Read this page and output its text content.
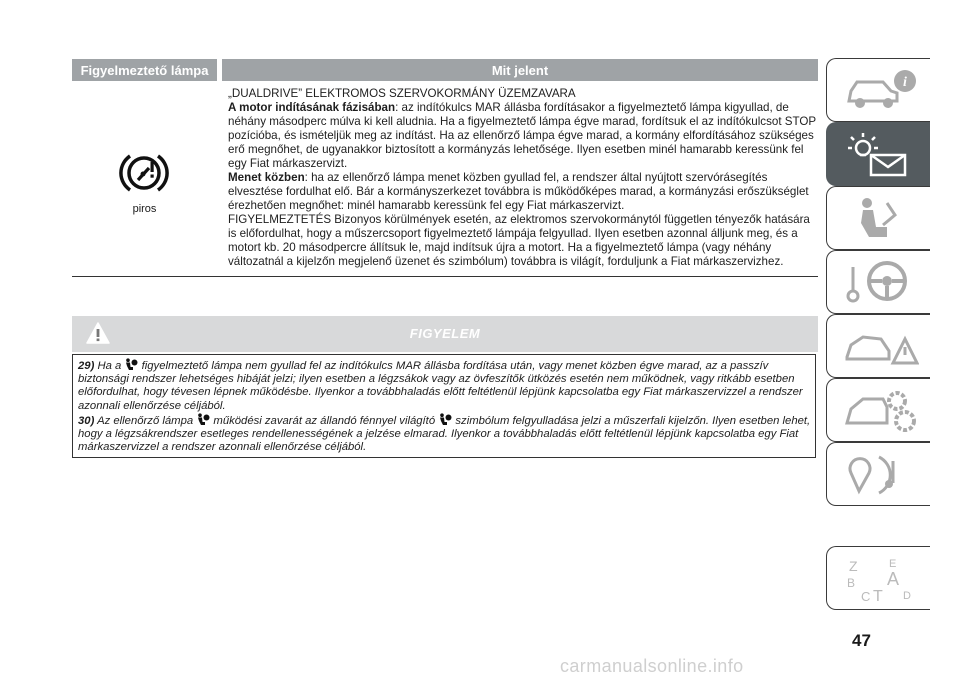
Figyelmeztető lámpa	Mit jelent
piros

„DUALDRIVE” ELEKTROMOS SZERVOKORMÁNY ÜZEMZAVARA

A motor indításának fázisában: az indítókulcs MAR állásba fordításakor a figyelmeztető lámpa kigyullad, de néhány másodperc múlva ki kell aludnia. Ha a figyelmeztető lámpa égve marad, fordítsuk el az indítókulcsot STOP pozícióba, és ismételjük meg az indítást. Ha az ellenőrző lámpa égve marad, a kormány elfordításához szükséges erő megnőhet, de ugyanakkor biztosított a kormányzás lehetősége. Ilyen esetben minél hamarabb keressünk fel egy Fiat márkaszervizt.

Menet közben: ha az ellenőrző lámpa menet közben gyullad fel, a rendszer által nyújtott szervórásegítés elvesztése fordulhat elő. Bár a kormányszerkezet továbbra is működőképes marad, a kormányzási erőszükséglet érezhetően megnőhet: minél hamarabb keressünk fel egy Fiat márkaszervizt.

FIGYELMEZTETÉS Bizonyos körülmények esetén, az elektromos szervokormánytól független tényezők hatására is előfordulhat, hogy a műszercsoport figyelmeztető lámpája felgyullad. Ilyen esetben azonnal álljunk meg, és a motort kb. 20 másodpercre állítsuk le, majd indítsuk újra a motort. Ha a figyelmeztető lámpa (vagy néhány változatnál a kijelzőn megjelenő üzenet és szimbólum) továbbra is világít, forduljunk a Fiat márkaszervizhez.

FIGYELEM

29) Ha a figyelmeztető lámpa nem gyullad fel az indítókulcs MAR állásba fordítása után, vagy menet közben égve marad, az a passzív biztonsági rendszer lehetséges hibáját jelzi; ilyen esetben a légzsákok vagy az övfeszítők ütközés esetén nem működnek, vagy ritkább esetben előfordulhat, hogy tévesen lépnek működésbe. Ilyenkor a továbbhaladás előtt feltétlenül lépjünk kapcsolatba egy Fiat márkaszervizzel a rendszer azonnali ellenőrzése céljából.

30) Az ellenőrző lámpa működési zavarát az állandó fénnyel világító szimbólum felgyulladása jelzi a műszerfali kijelzőn. Ilyen esetben lehet, hogy a légzsákrendszer esetleges rendellenességének a jelzése elmarad. Ilyenkor a továbbhaladás előtt feltétlenül lépjünk kapcsolatba egy Fiat márkaszervizzel a rendszer azonnali ellenőrzése céljából.

i
Z	E
A
B
C T D
47
carmanualsonline.info
